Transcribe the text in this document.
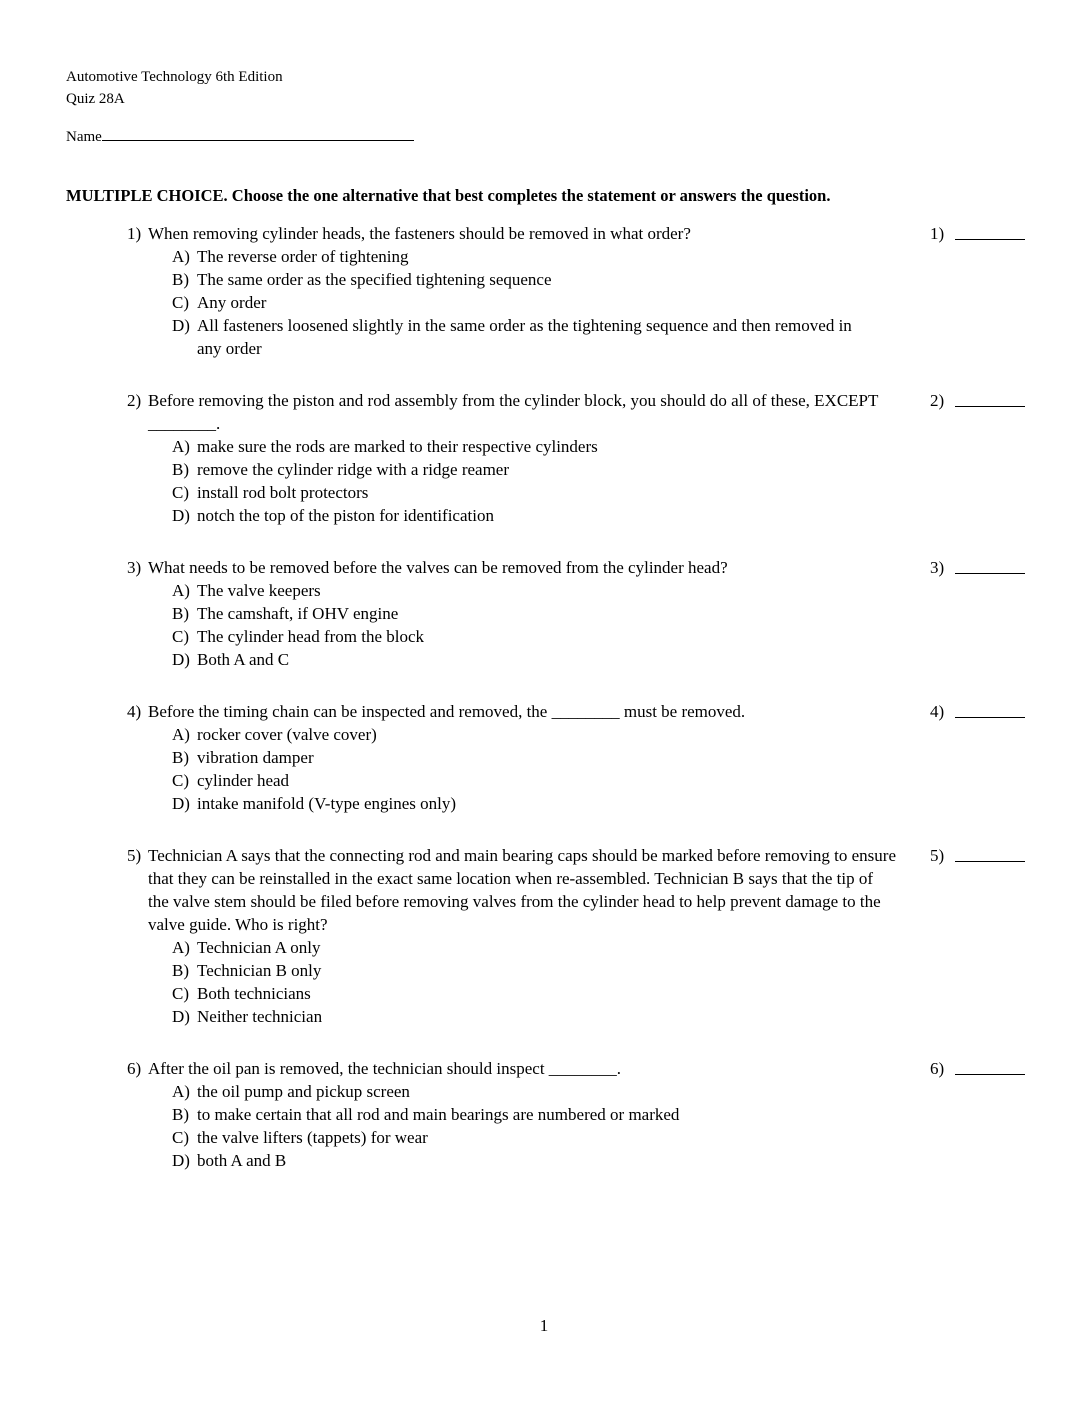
Automotive Technology 6th Edition
Quiz 28A
Name
MULTIPLE CHOICE. Choose the one alternative that best completes the statement or answers the question.
1) When removing cylinder heads, the fasteners should be removed in what order?
A) The reverse order of tightening
B) The same order as the specified tightening sequence
C) Any order
D) All fasteners loosened slightly in the same order as the tightening sequence and then removed in any order
1)
2) Before removing the piston and rod assembly from the cylinder block, you should do all of these, EXCEPT ________.
A) make sure the rods are marked to their respective cylinders
B) remove the cylinder ridge with a ridge reamer
C) install rod bolt protectors
D) notch the top of the piston for identification
2)
3) What needs to be removed before the valves can be removed from the cylinder head?
A) The valve keepers
B) The camshaft, if OHV engine
C) The cylinder head from the block
D) Both A and C
3)
4) Before the timing chain can be inspected and removed, the ________ must be removed.
A) rocker cover (valve cover)
B) vibration damper
C) cylinder head
D) intake manifold (V-type engines only)
4)
5) Technician A says that the connecting rod and main bearing caps should be marked before removing to ensure that they can be reinstalled in the exact same location when re-assembled. Technician B says that the tip of the valve stem should be filed before removing valves from the cylinder head to help prevent damage to the valve guide. Who is right?
A) Technician A only
B) Technician B only
C) Both technicians
D) Neither technician
5)
6) After the oil pan is removed, the technician should inspect ________.
A) the oil pump and pickup screen
B) to make certain that all rod and main bearings are numbered or marked
C) the valve lifters (tappets) for wear
D) both A and B
6)
1
